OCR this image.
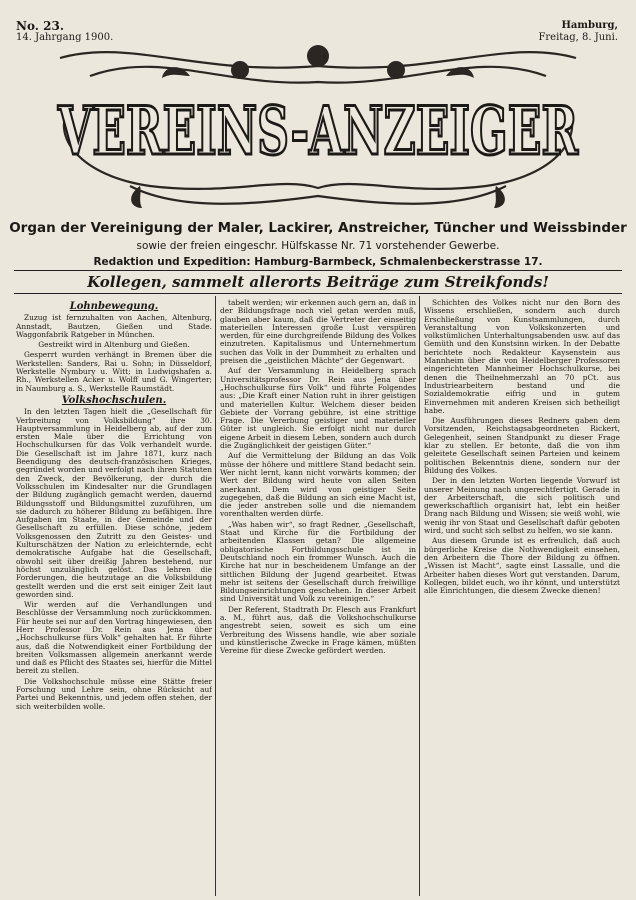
No. 23.
14. Jahrgang 1900.
Hamburg,
Freitag, 8. Juni.
VEREINS-ANZEIGER
Organ der Vereinigung der Maler, Lackirer, Anstreicher, Tüncher und Weissbinder
sowie der freien eingeschr. Hülfskasse Nr. 71 vorstehender Gewerbe.
Redaktion und Expedition: Hamburg-Barmbeck, Schmalenbeckerstrasse 17.
Kollegen, sammelt allerorts Beiträge zum Streikfonds!
Lohnbewegung.

Zuzug ist fernzuhalten von Aachen, Altenburg, Annstadt, Bautzen, Gießen und Stade. Waggonfabrik Ratgeber in München.

Gestreikt wird in Altenburg und Gießen.

Gesperrt wurden verhängt in Bremen über die Werkstellen: Sanders, Rai u. Sohn; in Düsseldorf, Werkstelle Nymbury u. Witt; in Ludwigshafen a. Rh., Werkstellen Acker u. Wolff und G. Wingerter; in Naumburg a. S., Werkstelle Raumstädt.

Volkshochschulen.

In den letzten Tagen hielt die „Gesellschaft für Verbreitung von Volksbildung“ ihre 30. Hauptversammlung in Heidelberg ab, auf der zum ersten Male über die Errichtung von Hochschulkursen für das Volk verhandelt wurde. Die Gesellschaft ist im Jahre 1871, kurz nach Beendigung des deutsch-französischen Krieges, gegründet worden und verfolgt nach ihren Statuten den Zweck, der Bevölkerung, der durch die Volksschulen im Kindesalter nur die Grundlagen der Bildung zugänglich gemacht werden, dauernd Bildungsstoff und Bildungsmittel zuzuführen, um sie dadurch zu höherer Bildung zu befähigen. Ihre Aufgaben im Staate, in der Gemeinde und der Gesellschaft zu erfüllen. Diese schöne, jedem Volksgenossen den Zutritt zu den Geistes- und Kulturschätzen der Nation zu erleichternde, echt demokratische Aufgabe hat die Gesellschaft, obwohl seit über dreißig Jahren bestehend, nur höchst unzulänglich gelöst. Das lehren die Forderungen, die heutzutage an die Volksbildung gestellt werden und die erst seit einiger Zeit laut geworden sind.

Wir werden auf die Verhandlungen und Beschlüsse der Versammlung noch zurückkommen. Für heute sei nur auf den Vortrag hingewiesen, den Herr Professor Dr. Rein aus Jena über „Hochschulkurse fürs Volk“ gehalten hat. Er führte aus, daß die Notwendigkeit einer Fortbildung der breiten Volksmassen allgemein anerkannt werde und daß es Pflicht des Staates sei, hierfür die Mittel bereit zu stellen.

Die Volkshochschule müsse eine Stätte freier Forschung und Lehre sein, ohne Rücksicht auf Partei und Bekenntnis, und jedem offen stehen, der sich weiterbilden wolle.

tabelt werden; wir erkennen auch gern an, daß in der Bildungsfrage noch viel getan werden muß, glauben aber kaum, daß die Vertreter der einseitig materiellen Interessen große Lust verspüren werden, für eine durchgreifende Bildung des Volkes einzutreten. Kapitalismus und Unternehmertum suchen das Volk in der Dummheit zu erhalten und preisen die „geistlichen Mächte“ der Gegenwart.

Auf der Versammlung in Heidelberg sprach Universitätsprofessor Dr. Rein aus Jena über „Hochschulkurse fürs Volk“ und führte Folgendes aus: „Die Kraft einer Nation ruht in ihrer geistigen und materiellen Kultur. Welchem dieser beiden Gebiete der Vorrang gebühre, ist eine strittige Frage. Die Vererbung geistiger und materieller Güter ist ungleich. Sie erfolgt nicht nur durch eigene Arbeit in diesem Leben, sondern auch durch die Zugänglichkeit der geistigen Güter.“

Auf die Vermittelung der Bildung an das Volk müsse der höhere und mittlere Stand bedacht sein. Wer nicht lernt, kann nicht vorwärts kommen; der Wert der Bildung wird heute von allen Seiten anerkannt. Dem wird von geistiger Seite zugegeben, daß die Bildung an sich eine Macht ist, die jeder anstreben solle und die niemandem vorenthalten werden dürfe.

„Was haben wir“, so fragt Redner, „Gesellschaft, Staat und Kirche für die Fortbildung der arbeitenden Klassen getan? Die allgemeine obligatorische Fortbildungsschule ist in Deutschland noch ein frommer Wunsch. Auch die Kirche hat nur in bescheidenem Umfange an der sittlichen Bildung der Jugend gearbeitet. Etwas mehr ist seitens der Gesellschaft durch freiwillige Bildungseinrichtungen geschehen. In dieser Arbeit sind Universität und Volk zu vereinigen.“

Der Referent, Stadtrath Dr. Flesch aus Frankfurt a. M., führt aus, daß die Volkshochschulkurse angestrebt seien, soweit es sich um eine Verbreitung des Wissens handle, wie aber soziale und künstlerische Zwecke in Frage kämen, müßten Vereine für diese Zwecke gefördert werden.

Schichten des Volkes nicht nur den Born des Wissens erschließen, sondern auch durch Erschließung von Kunstsammlungen, durch Veranstaltung von Volkskonzerten und volkstümlichen Unterhaltungsabenden usw. auf das Gemüth und den Kunstsinn wirken. In der Debatte berichtete noch Redakteur Kaysenstein aus Mannheim über die von Heidelberger Professoren eingerichteten Mannheimer Hochschulkurse, bei denen die Theilnehmerzahl an 70 pCt. aus Industriearbeitern bestand und die Sozialdemokratie eifrig und in gutem Einvernehmen mit anderen Kreisen sich betheiligt habe.

Die Ausführungen dieses Redners gaben dem Vorsitzenden, Reichstagsabgeordneten Rickert, Gelegenheit, seinen Standpunkt zu dieser Frage klar zu stellen. Er betonte, daß die von ihm geleitete Gesellschaft seinen Parteien und keinem politischen Bekenntnis diene, sondern nur der Bildung des Volkes.

Der in den letzten Worten liegende Vorwurf ist unserer Meinung nach ungerechtfertigt. Gerade in der Arbeiterschaft, die sich politisch und gewerkschaftlich organisirt hat, lebt ein heißer Drang nach Bildung und Wissen; sie weiß wohl, wie wenig ihr von Staat und Gesellschaft dafür geboten wird, und sucht sich selbst zu helfen, wo sie kann.

Aus diesem Grunde ist es erfreulich, daß auch bürgerliche Kreise die Nothwendigkeit einsehen, den Arbeitern die Thore der Bildung zu öffnen. „Wissen ist Macht“, sagte einst Lassalle, und die Arbeiter haben dieses Wort gut verstanden. Darum, Kollegen, bildet euch, wo ihr könnt, und unterstützt alle Einrichtungen, die diesem Zwecke dienen!
